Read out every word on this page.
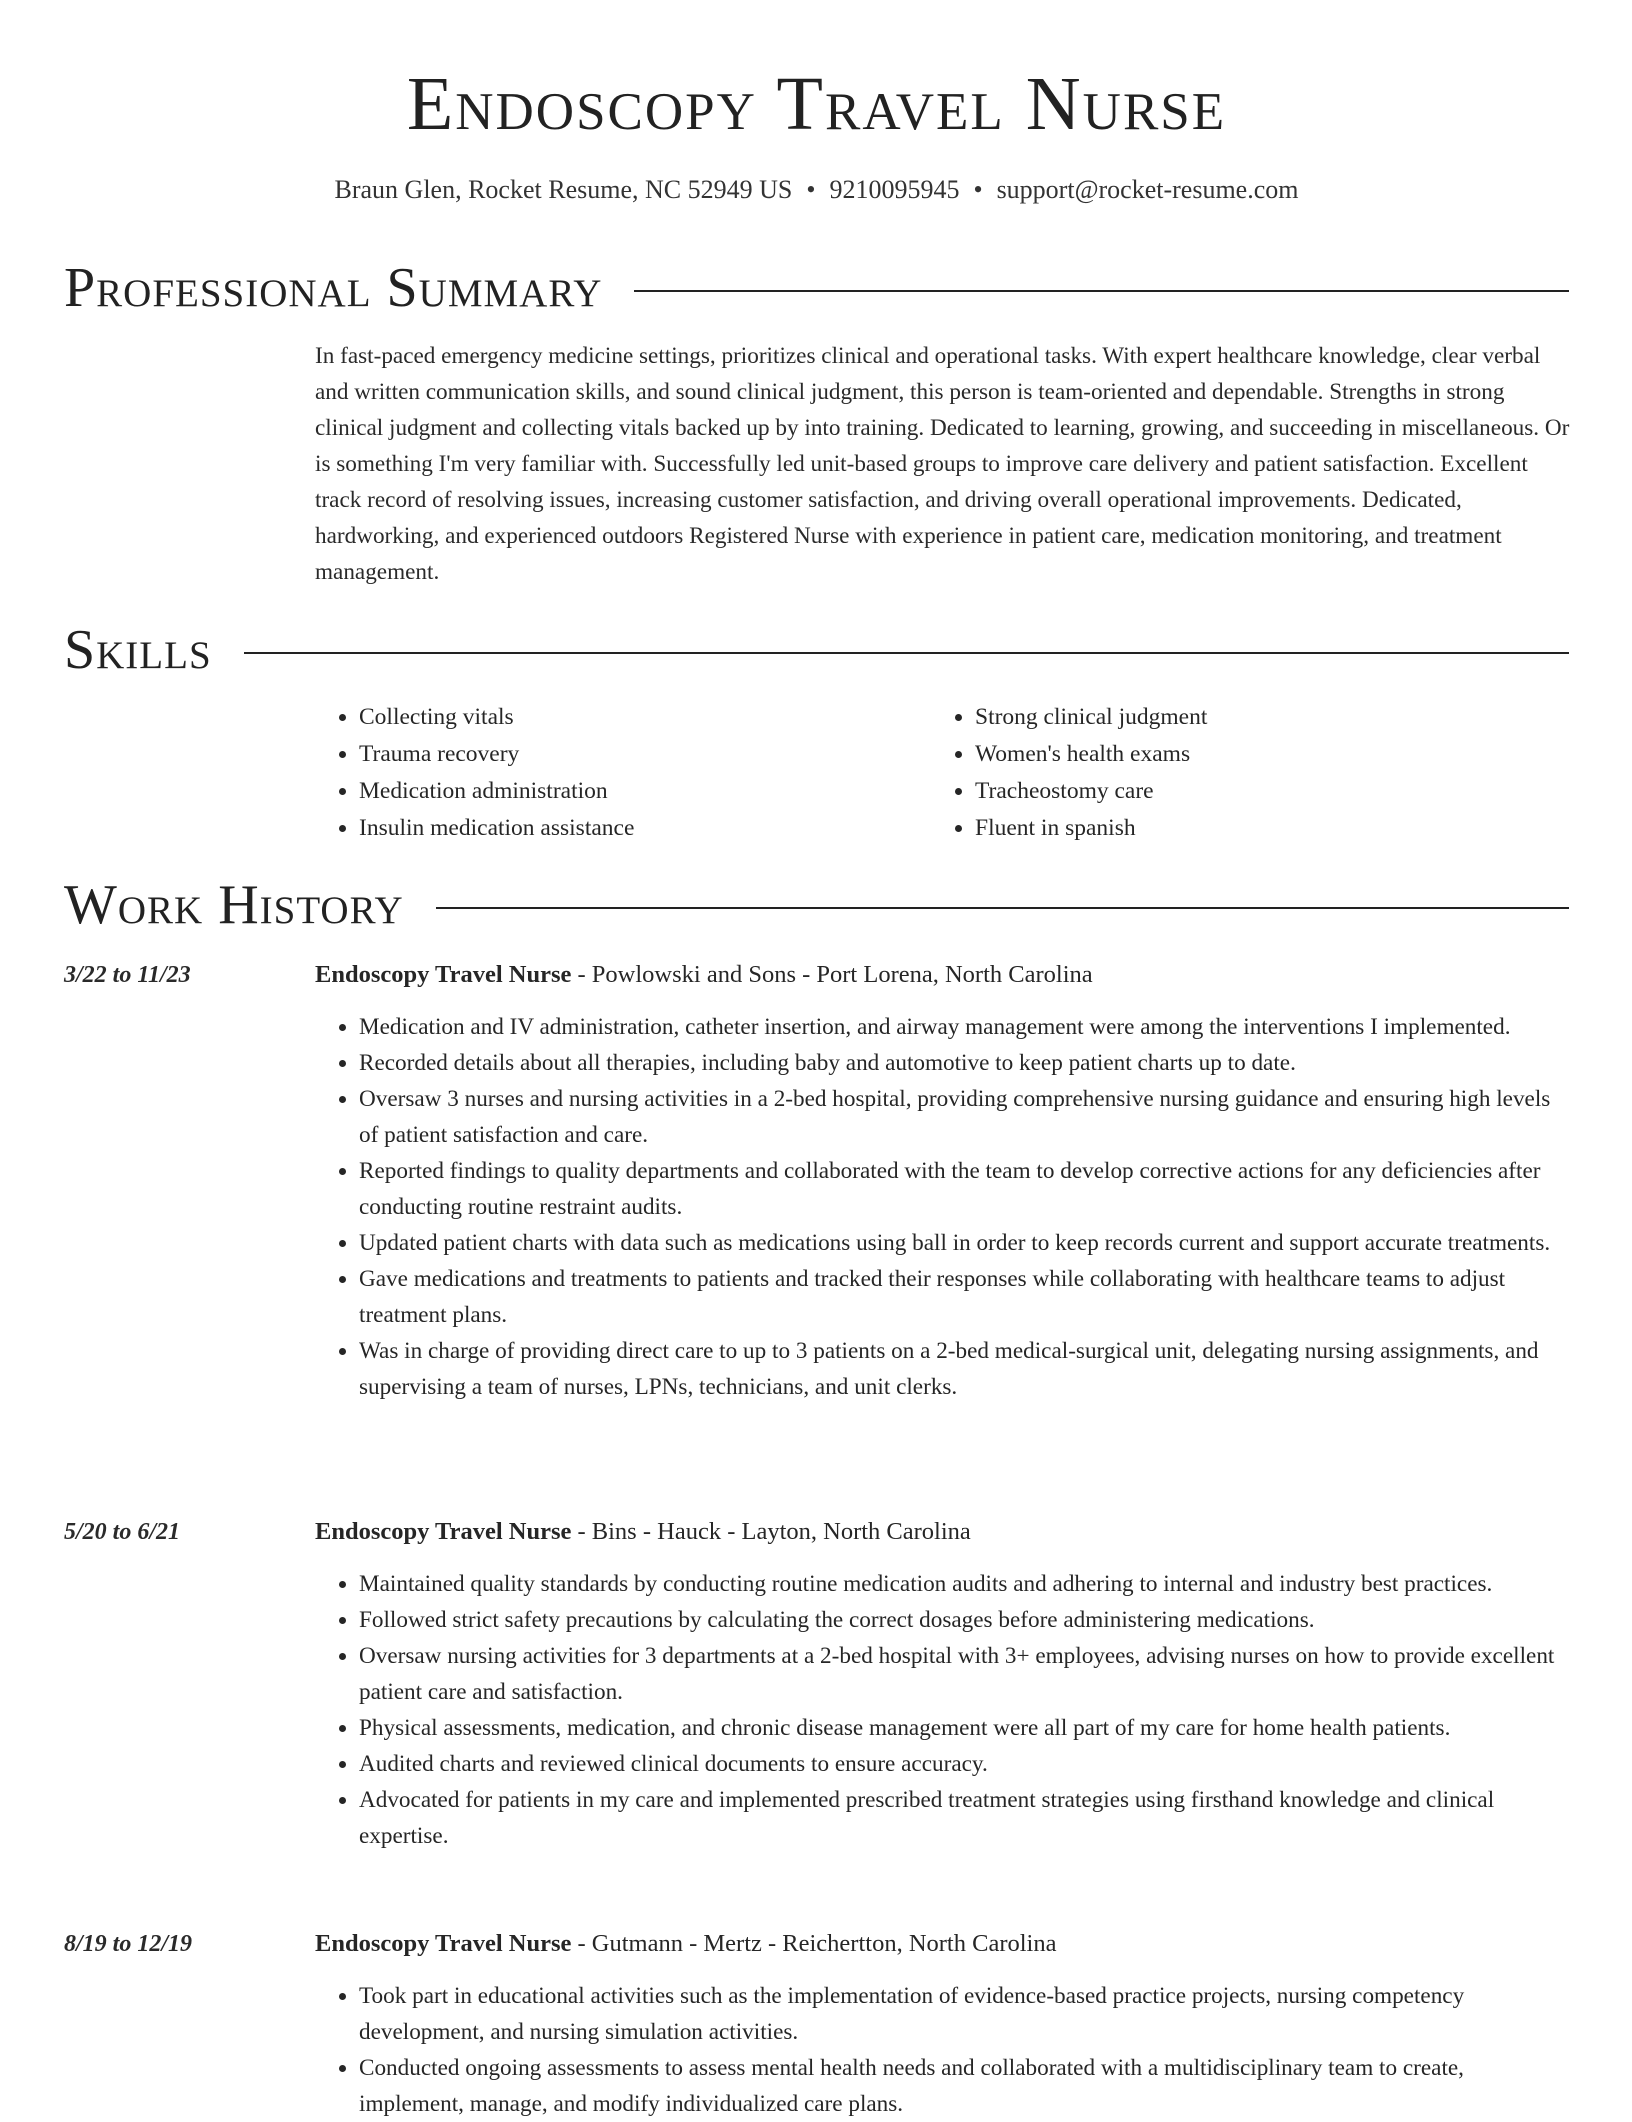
Endoscopy Travel Nurse
Braun Glen, Rocket Resume, NC 52949 US • 9210095945 • support@rocket-resume.com
Professional Summary
In fast-paced emergency medicine settings, prioritizes clinical and operational tasks. With expert healthcare knowledge, clear verbal and written communication skills, and sound clinical judgment, this person is team-oriented and dependable. Strengths in strong clinical judgment and collecting vitals backed up by into training. Dedicated to learning, growing, and succeeding in miscellaneous. Or is something I'm very familiar with. Successfully led unit-based groups to improve care delivery and patient satisfaction. Excellent track record of resolving issues, increasing customer satisfaction, and driving overall operational improvements. Dedicated, hardworking, and experienced outdoors Registered Nurse with experience in patient care, medication monitoring, and treatment management.
Skills
• Collecting vitals
• Trauma recovery
• Medication administration
• Insulin medication assistance
• Strong clinical judgment
• Women's health exams
• Tracheostomy care
• Fluent in spanish
Work History
3/22 to 11/23	Endoscopy Travel Nurse - Powlowski and Sons - Port Lorena, North Carolina
• Medication and IV administration, catheter insertion, and airway management were among the interventions I implemented.
• Recorded details about all therapies, including baby and automotive to keep patient charts up to date.
• Oversaw 3 nurses and nursing activities in a 2-bed hospital, providing comprehensive nursing guidance and ensuring high levels of patient satisfaction and care.
• Reported findings to quality departments and collaborated with the team to develop corrective actions for any deficiencies after conducting routine restraint audits.
• Updated patient charts with data such as medications using ball in order to keep records current and support accurate treatments.
• Gave medications and treatments to patients and tracked their responses while collaborating with healthcare teams to adjust treatment plans.
• Was in charge of providing direct care to up to 3 patients on a 2-bed medical-surgical unit, delegating nursing assignments, and supervising a team of nurses, LPNs, technicians, and unit clerks.
5/20 to 6/21	Endoscopy Travel Nurse - Bins - Hauck - Layton, North Carolina
• Maintained quality standards by conducting routine medication audits and adhering to internal and industry best practices.
• Followed strict safety precautions by calculating the correct dosages before administering medications.
• Oversaw nursing activities for 3 departments at a 2-bed hospital with 3+ employees, advising nurses on how to provide excellent patient care and satisfaction.
• Physical assessments, medication, and chronic disease management were all part of my care for home health patients.
• Audited charts and reviewed clinical documents to ensure accuracy.
• Advocated for patients in my care and implemented prescribed treatment strategies using firsthand knowledge and clinical expertise.
8/19 to 12/19	Endoscopy Travel Nurse - Gutmann - Mertz - Reichertton, North Carolina
• Took part in educational activities such as the implementation of evidence-based practice projects, nursing competency development, and nursing simulation activities.
• Conducted ongoing assessments to assess mental health needs and collaborated with a multidisciplinary team to create, implement, manage, and modify individualized care plans.
